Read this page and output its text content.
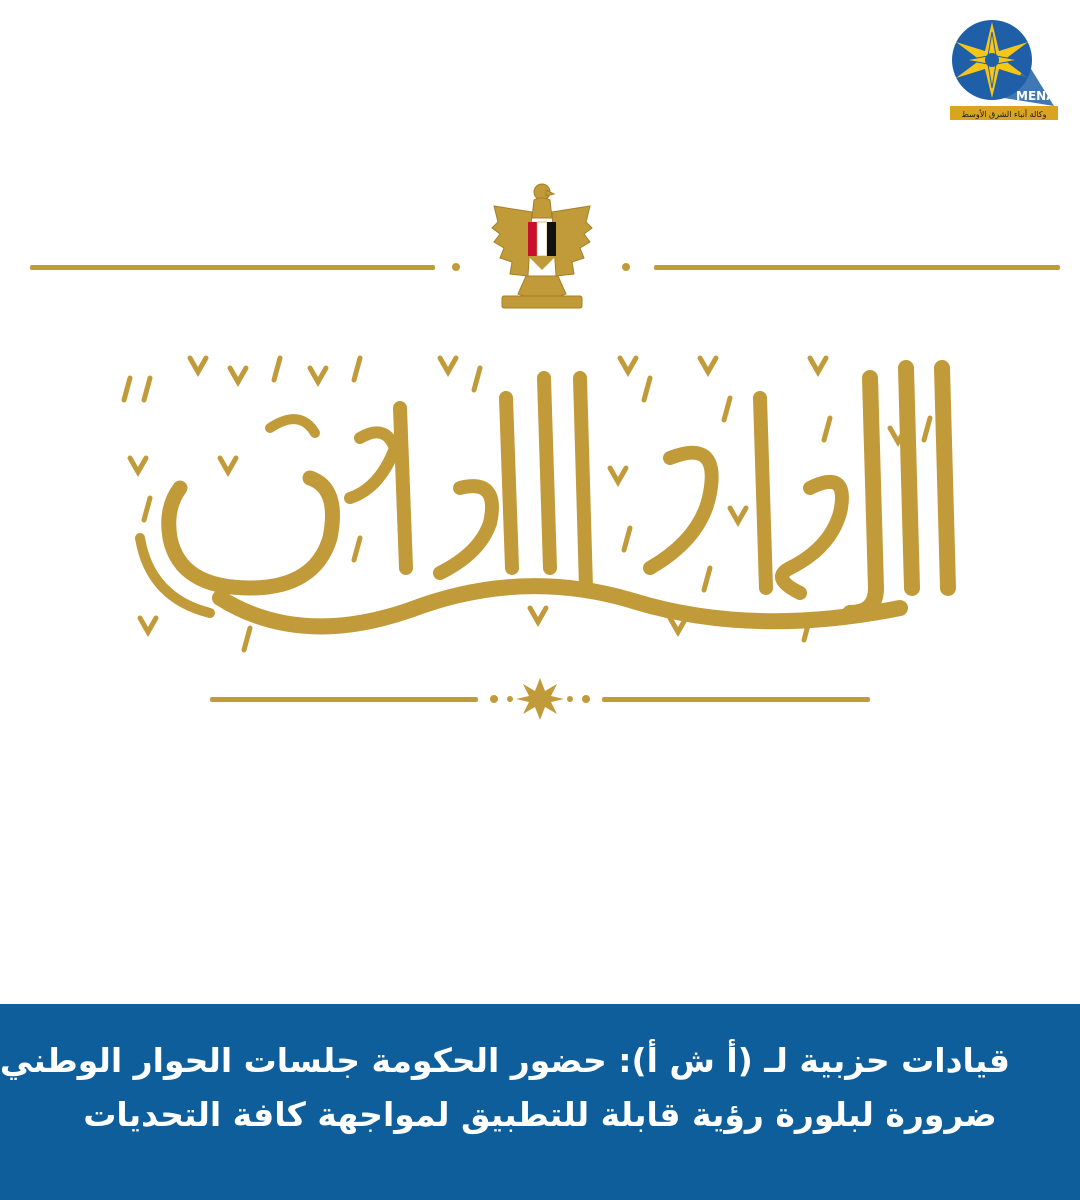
MENA
وكالة أنباء الشرق الأوسط

قيادات حزبية لـ (أ ش أ): حضور الحكومة جلسات الحوار الوطني

ضرورة لبلورة رؤية قابلة للتطبيق لمواجهة كافة التحديات
